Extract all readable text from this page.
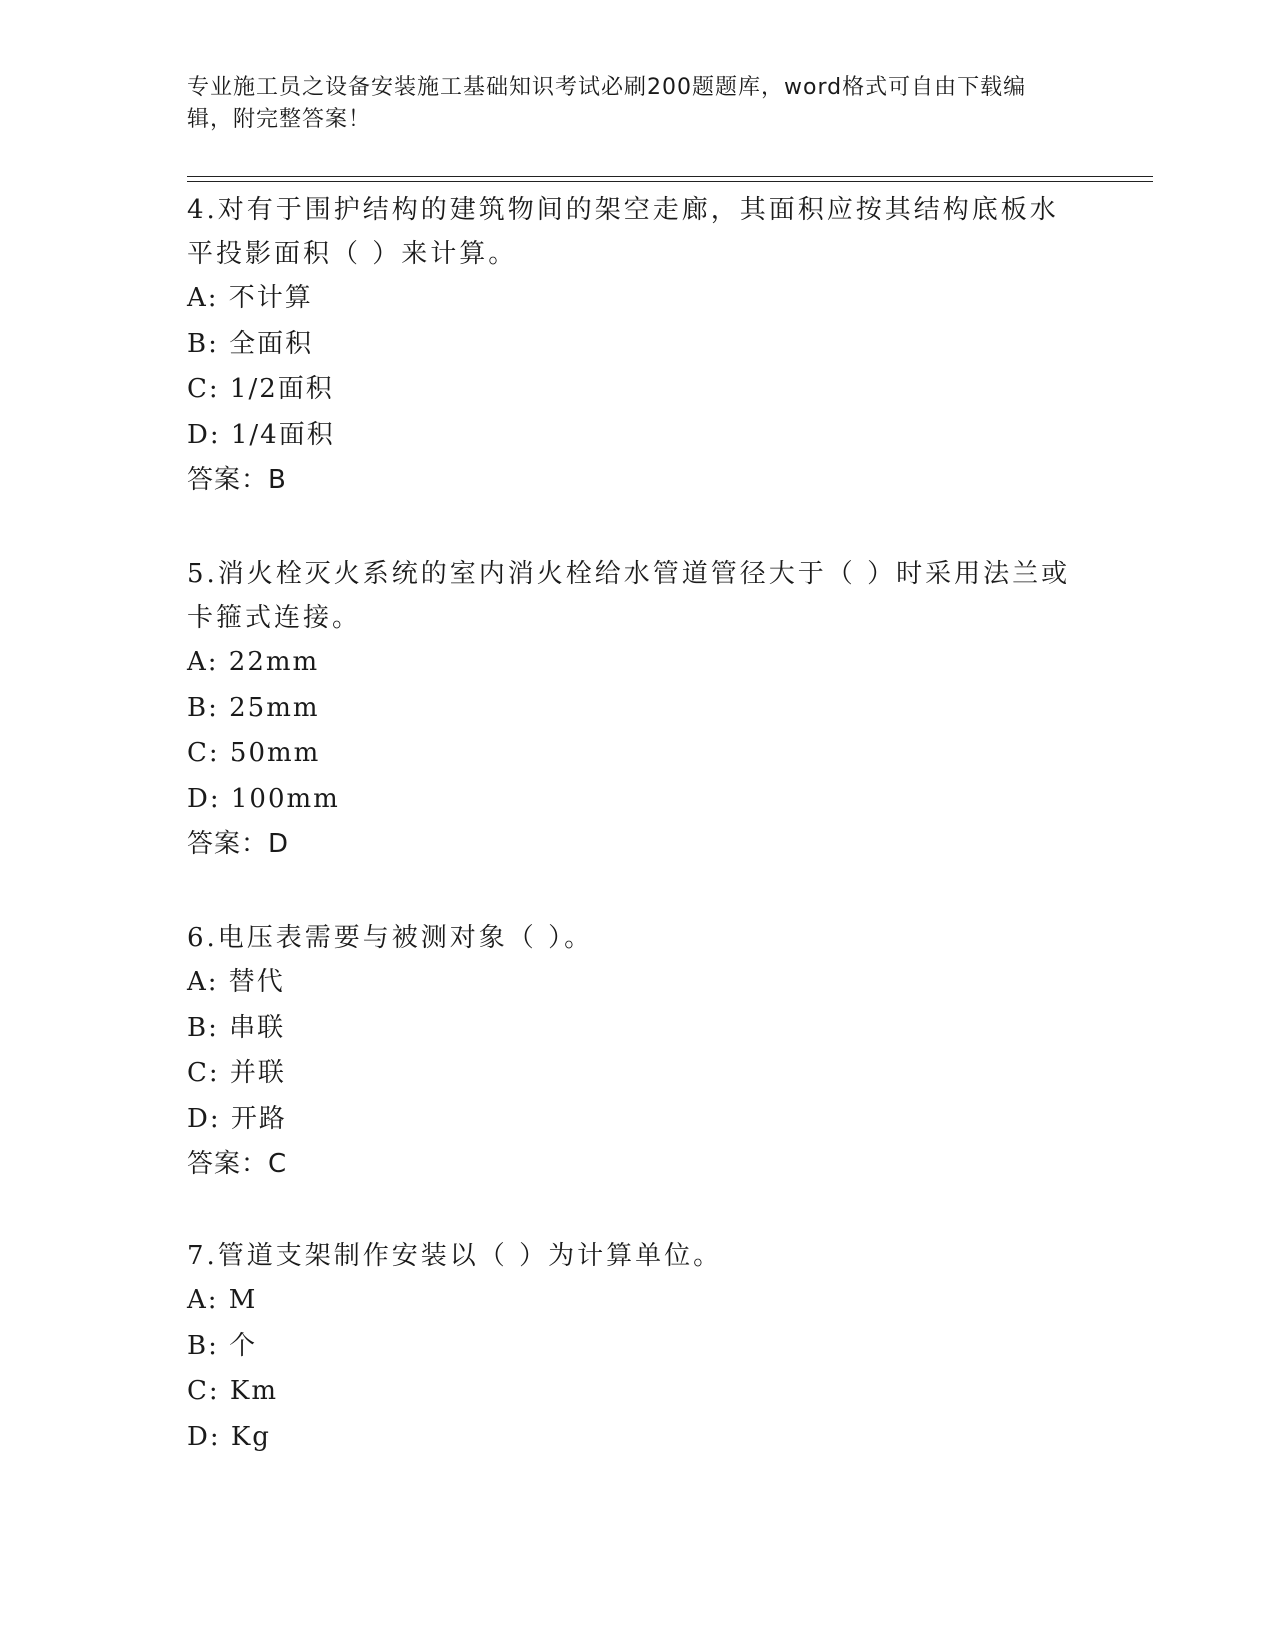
专业施工员之设备安装施工基础知识考试必刷200题题库，word格式可自由下载编辑，附完整答案！

4.对有于围护结构的建筑物间的架空走廊，其面积应按其结构底板水平投影面积（ ）来计算。

A: 不计算

B: 全面积

C: 1/2面积

D: 1/4面积

答案：B

5.消火栓灭火系统的室内消火栓给水管道管径大于（ ）时采用法兰或卡箍式连接。

A: 22mm

B: 25mm

C: 50mm

D: 100mm

答案：D

6.电压表需要与被测对象（ ）。

A: 替代

B: 串联

C: 并联

D: 开路

答案：C

7.管道支架制作安装以（ ）为计算单位。

A: M

B: 个

C: Km

D: Kg
